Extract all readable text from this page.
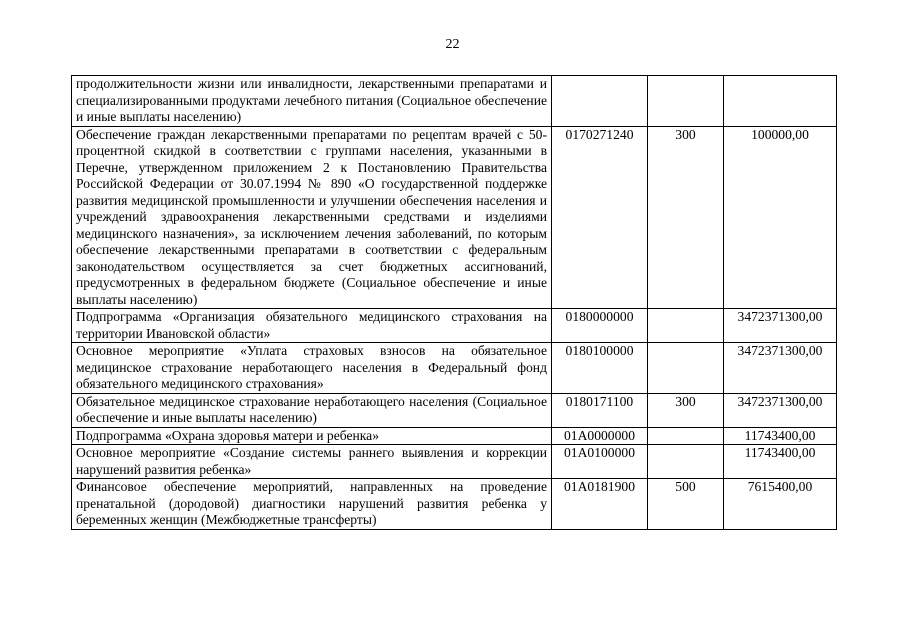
22
продолжительности жизни или инвалидности, лекарственными препаратами и специализированными продуктами лечебного питания (Социальное обеспечение и иные выплаты населению)			
Обеспечение граждан лекарственными препаратами по рецептам врачей с 50-процентной скидкой в соответствии с группами населения, указанными в Перечне, утвержденном приложением 2 к Постановлению Правительства Российской Федерации от 30.07.1994 № 890 «О государственной поддержке развития медицинской промышленности и улучшении обеспечения населения и учреждений здравоохранения лекарственными средствами и изделиями медицинского назначения», за исключением лечения заболеваний, по которым обеспечение лекарственными препаратами в соответствии с федеральным законодательством осуществляется за счет бюджетных ассигнований, предусмотренных в федеральном бюджете (Социальное обеспечение и иные выплаты населению)	0170271240	300	100000,00
Подпрограмма «Организация обязательного медицинского страхования на территории Ивановской области»	0180000000		3472371300,00
Основное мероприятие «Уплата страховых взносов на обязательное медицинское страхование неработающего населения в Федеральный фонд обязательного медицинского страхования»	0180100000		3472371300,00
Обязательное медицинское страхование неработающего населения (Социальное обеспечение и иные выплаты населению)	0180171100	300	3472371300,00
Подпрограмма «Охрана здоровья матери и ребенка»	01А0000000		11743400,00
Основное мероприятие «Создание системы раннего выявления и коррекции нарушений развития ребенка»	01А0100000		11743400,00
Финансовое обеспечение мероприятий, направленных на проведение пренатальной (дородовой) диагностики нарушений развития ребенка у беременных женщин (Межбюджетные трансферты)	01А0181900	500	7615400,00
